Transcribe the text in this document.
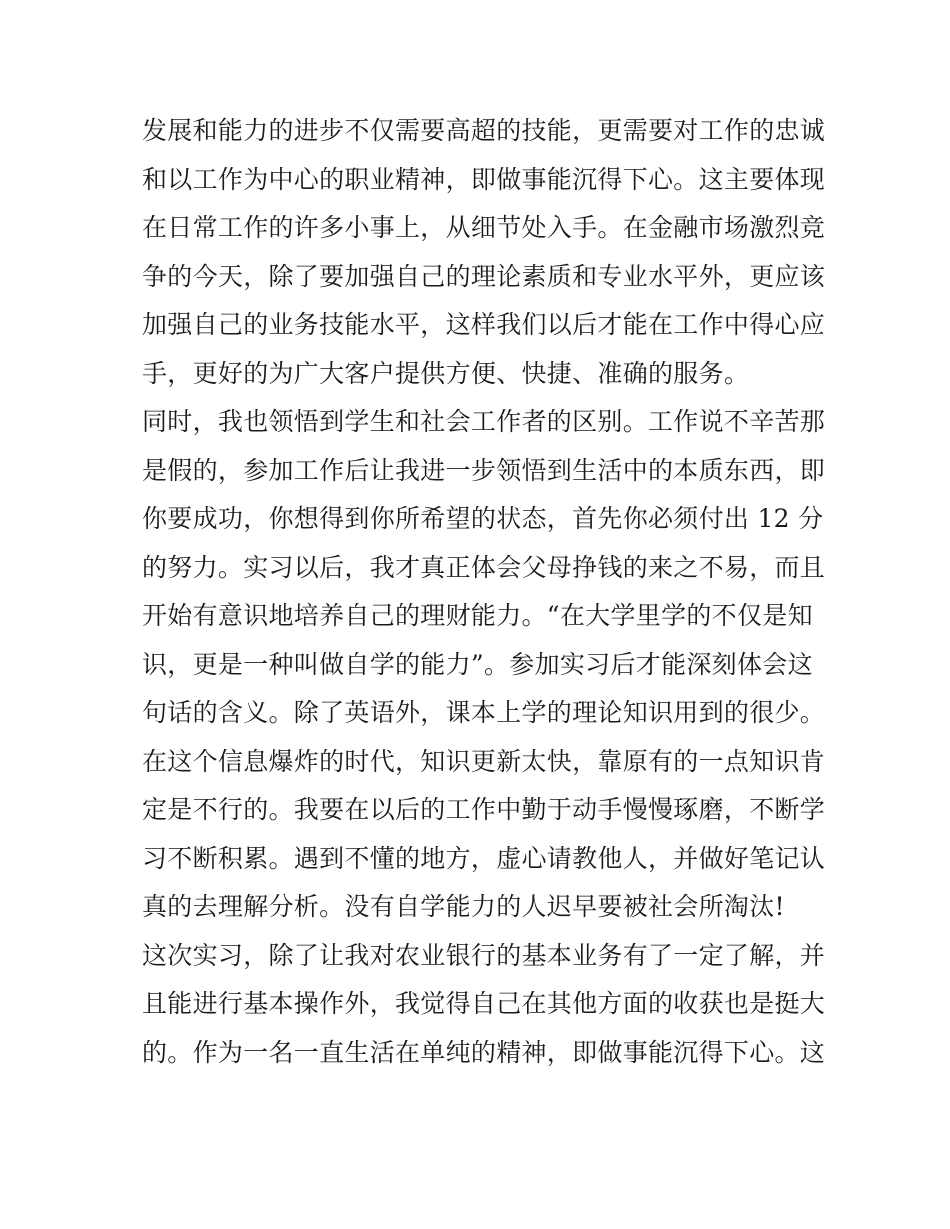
发展和能力的进步不仅需要高超的技能，更需要对工作的忠诚
和以工作为中心的职业精神，即做事能沉得下心。这主要体现
在日常工作的许多小事上，从细节处入手。在金融市场激烈竞
争的今天，除了要加强自己的理论素质和专业水平外，更应该
加强自己的业务技能水平，这样我们以后才能在工作中得心应
手，更好的为广大客户提供方便、快捷、准确的服务。
同时，我也领悟到学生和社会工作者的区别。工作说不辛苦那
是假的，参加工作后让我进一步领悟到生活中的本质东西，即
你要成功，你想得到你所希望的状态，首先你必须付出 12 分
的努力。实习以后，我才真正体会父母挣钱的来之不易，而且
开始有意识地培养自己的理财能力。“在大学里学的不仅是知
识，更是一种叫做自学的能力”。参加实习后才能深刻体会这
句话的含义。除了英语外，课本上学的理论知识用到的很少。
在这个信息爆炸的时代，知识更新太快，靠原有的一点知识肯
定是不行的。我要在以后的工作中勤于动手慢慢琢磨，不断学
习不断积累。遇到不懂的地方，虚心请教他人，并做好笔记认
真的去理解分析。没有自学能力的人迟早要被社会所淘汰!
这次实习，除了让我对农业银行的基本业务有了一定了解，并
且能进行基本操作外，我觉得自己在其他方面的收获也是挺大
的。作为一名一直生活在单纯的精神，即做事能沉得下心。这
